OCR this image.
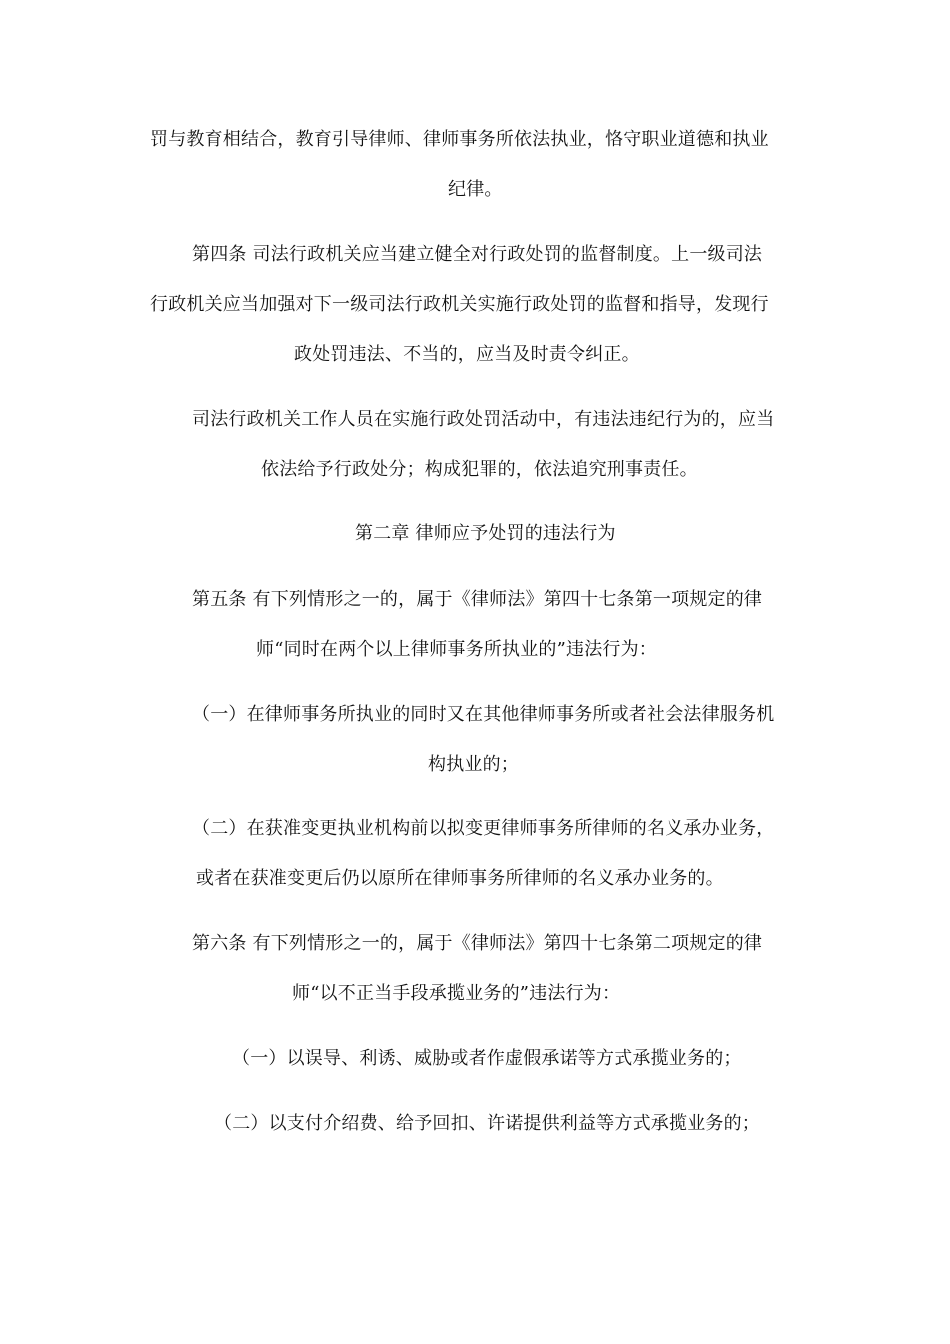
罚与教育相结合，教育引导律师、律师事务所依法执业，恪守职业道德和执业
纪律。
第四条 司法行政机关应当建立健全对行政处罚的监督制度。上一级司法
行政机关应当加强对下一级司法行政机关实施行政处罚的监督和指导，发现行
政处罚违法、不当的，应当及时责令纠正。
司法行政机关工作人员在实施行政处罚活动中，有违法违纪行为的，应当
依法给予行政处分；构成犯罪的，依法追究刑事责任。
第二章 律师应予处罚的违法行为
第五条 有下列情形之一的，属于《律师法》第四十七条第一项规定的律
师“同时在两个以上律师事务所执业的”违法行为：
（一）在律师事务所执业的同时又在其他律师事务所或者社会法律服务机
构执业的；
（二）在获准变更执业机构前以拟变更律师事务所律师的名义承办业务，
或者在获准变更后仍以原所在律师事务所律师的名义承办业务的。
第六条 有下列情形之一的，属于《律师法》第四十七条第二项规定的律
师“以不正当手段承揽业务的”违法行为：
（一）以误导、利诱、威胁或者作虚假承诺等方式承揽业务的；
（二）以支付介绍费、给予回扣、许诺提供利益等方式承揽业务的；
